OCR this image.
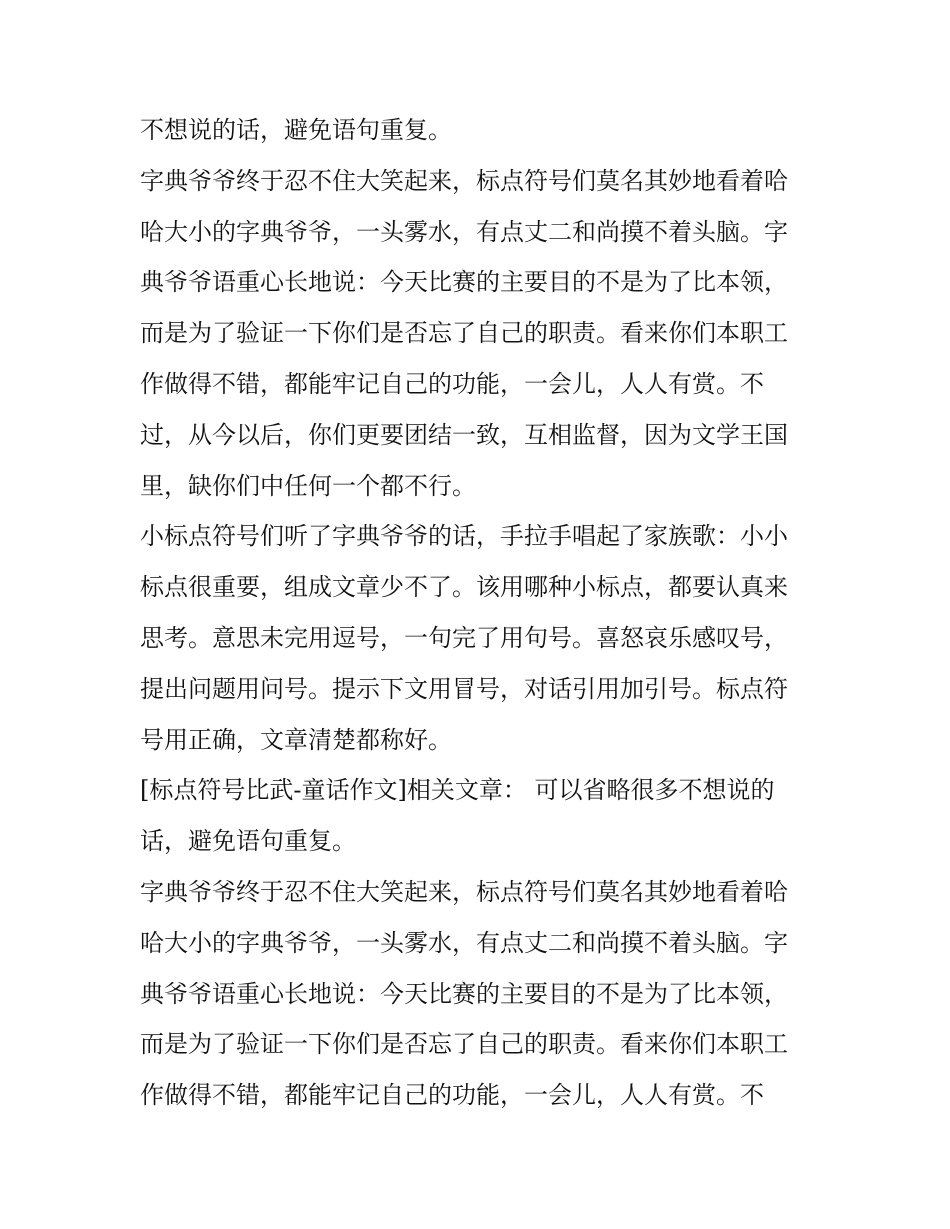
不想说的话，避免语句重复。
字典爷爷终于忍不住大笑起来，标点符号们莫名其妙地看着哈
哈大小的字典爷爷，一头雾水，有点丈二和尚摸不着头脑。字
典爷爷语重心长地说：今天比赛的主要目的不是为了比本领，
而是为了验证一下你们是否忘了自己的职责。看来你们本职工
作做得不错，都能牢记自己的功能，一会儿，人人有赏。不
过，从今以后，你们更要团结一致，互相监督，因为文学王国
里，缺你们中任何一个都不行。
小标点符号们听了字典爷爷的话，手拉手唱起了家族歌：小小
标点很重要，组成文章少不了。该用哪种小标点，都要认真来
思考。意思未完用逗号，一句完了用句号。喜怒哀乐感叹号，
提出问题用问号。提示下文用冒号，对话引用加引号。标点符
号用正确，文章清楚都称好。
[标点符号比武-童话作文]相关文章： 可以省略很多不想说的
话，避免语句重复。
字典爷爷终于忍不住大笑起来，标点符号们莫名其妙地看着哈
哈大小的字典爷爷，一头雾水，有点丈二和尚摸不着头脑。字
典爷爷语重心长地说：今天比赛的主要目的不是为了比本领，
而是为了验证一下你们是否忘了自己的职责。看来你们本职工
作做得不错，都能牢记自己的功能，一会儿，人人有赏。不
